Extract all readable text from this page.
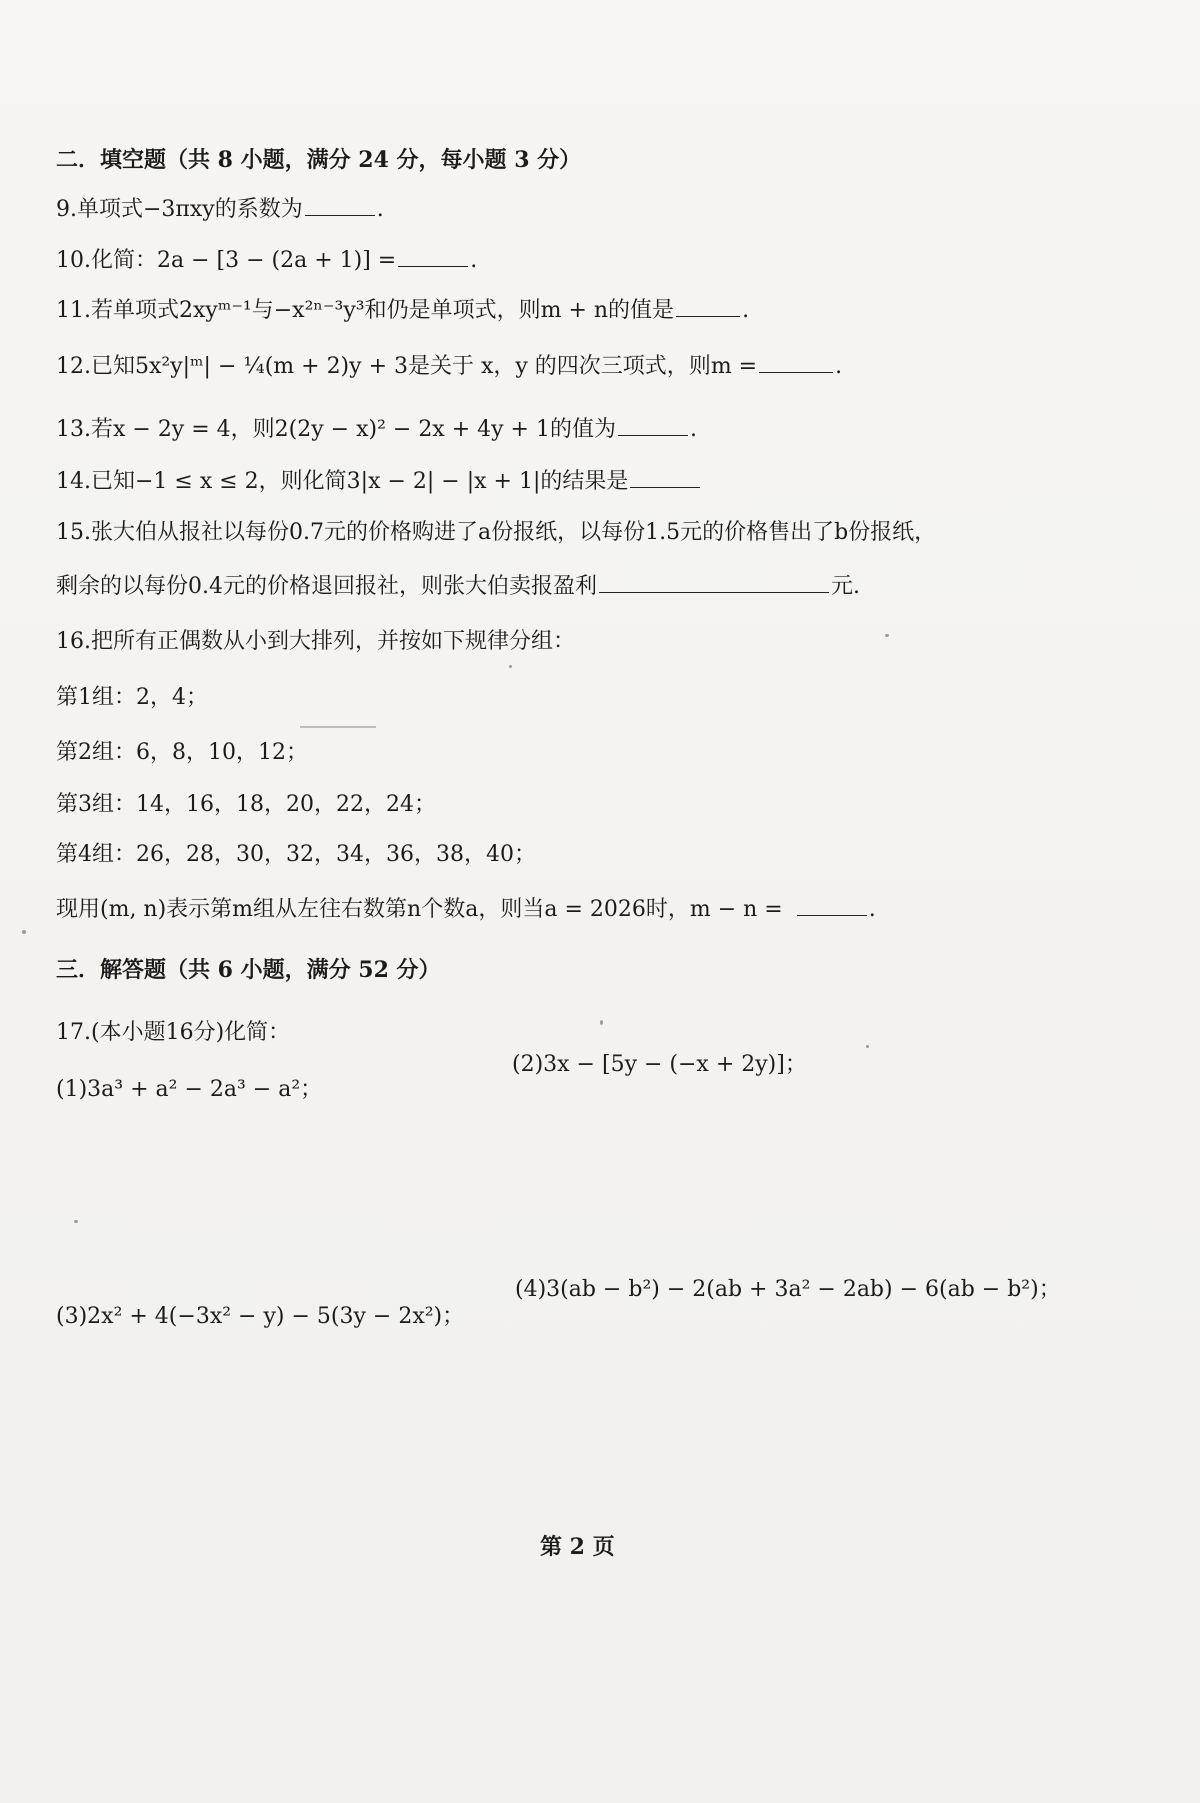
二．填空题（共 8 小题，满分 24 分，每小题 3 分）
9.单项式−3πxy的系数为	.
10.化简：2a − [3 − (2a + 1)] =	.
11.若单项式2xyᵐ⁻¹与−x²ⁿ⁻³y³和仍是单项式，则m + n的值是	.
12.已知5x²y|ᵐ| − ¼(m + 2)y + 3是关于 x，y 的四次三项式，则m =	.
13.若x − 2y = 4，则2(2y − x)² − 2x + 4y + 1的值为	.
14.已知−1 ≤ x ≤ 2，则化简3|x − 2| − |x + 1|的结果是
15.张大伯从报社以每份0.7元的价格购进了a份报纸，以每份1.5元的价格售出了b份报纸，
剩余的以每份0.4元的价格退回报社，则张大伯卖报盈利	元.
16.把所有正偶数从小到大排列，并按如下规律分组：
第1组：2，4；
第2组：6，8，10，12；
第3组：14，16，18，20，22，24；
第4组：26，28，30，32，34，36，38，40；
现用(m, n)表示第m组从左往右数第n个数a，则当a = 2026时，m − n =	.
三．解答题（共 6 小题，满分 52 分）
17.(本小题16分)化简：
(1)3a³ + a² − 2a³ − a²；
(2)3x − [5y − (−x + 2y)]；
(3)2x² + 4(−3x² − y) − 5(3y − 2x²)；
(4)3(ab − b²) − 2(ab + 3a² − 2ab) − 6(ab − b²)；
第 2 页
